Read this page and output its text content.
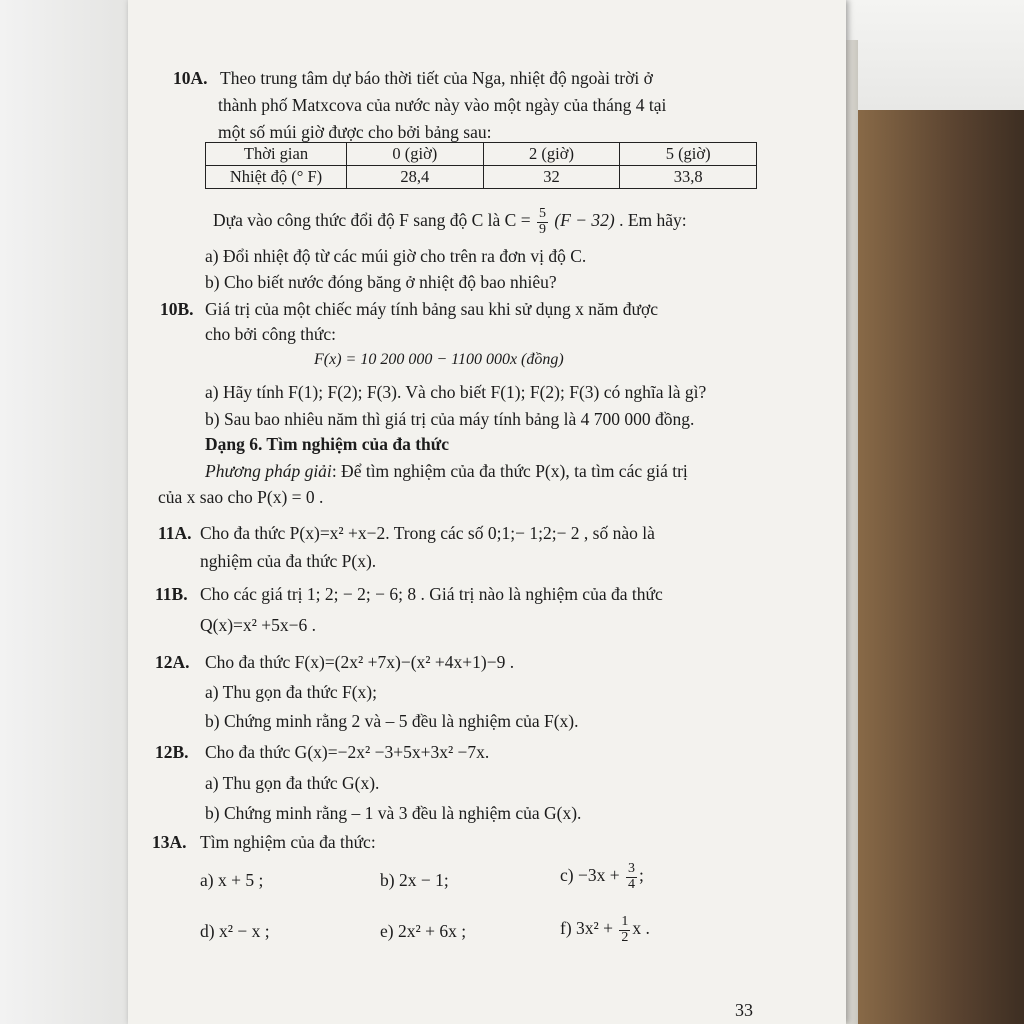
10A. Theo trung tâm dự báo thời tiết của Nga, nhiệt độ ngoài trời ở
thành phố Matxcova của nước này vào một ngày của tháng 4 tại
một số múi giờ được cho bởi bảng sau:
Thời gian	0 (giờ)	2 (giờ)	5 (giờ)
Nhiệt độ (° F)	28,4	32	33,8
Dựa vào công thức đổi độ F sang độ C là $C = \frac{5}{9} (F - 32)$ . Em hãy:
a) Đổi nhiệt độ từ các múi giờ cho trên ra đơn vị độ C.
b) Cho biết nước đóng băng ở nhiệt độ bao nhiêu?
10B. Giá trị của một chiếc máy tính bảng sau khi sử dụng x năm được
cho bởi công thức:
F(x) = 10 200 000 − 1100 000x (đồng)
a) Hãy tính F(1); F(2); F(3). Và cho biết F(1); F(2); F(3) có nghĩa là gì?
b) Sau bao nhiêu năm thì giá trị của máy tính bảng là 4 700 000 đồng.
Dạng 6. Tìm nghiệm của đa thức
Phương pháp giải: Để tìm nghiệm của đa thức P(x), ta tìm các giá trị
của x sao cho P(x) = 0 .
11A. Cho đa thức P(x)=x² +x−2. Trong các số 0;1;− 1;2;− 2 , số nào là
nghiệm của đa thức P(x).
11B. Cho các giá trị 1; 2; − 2; − 6; 8 . Giá trị nào là nghiệm của đa thức
Q(x)=x² +5x−6 .
12A. Cho đa thức F(x)=(2x² +7x)−(x² +4x+1)−9 .
a) Thu gọn đa thức F(x);
b) Chứng minh rằng 2 và – 5 đều là nghiệm của F(x).
12B. Cho đa thức G(x)=−2x² −3+5x+3x² −7x.
a) Thu gọn đa thức G(x).
b) Chứng minh rằng – 1 và 3 đều là nghiệm của G(x).
13A. Tìm nghiệm của đa thức:
a) x + 5 ;	b) 2x − 1;	$c) -3x + \frac{3}{4}$ ;
d) x² − x ;	e) 2x² + 6x ;	f) $3x^2 + \frac{1}{2}$ x .
33
